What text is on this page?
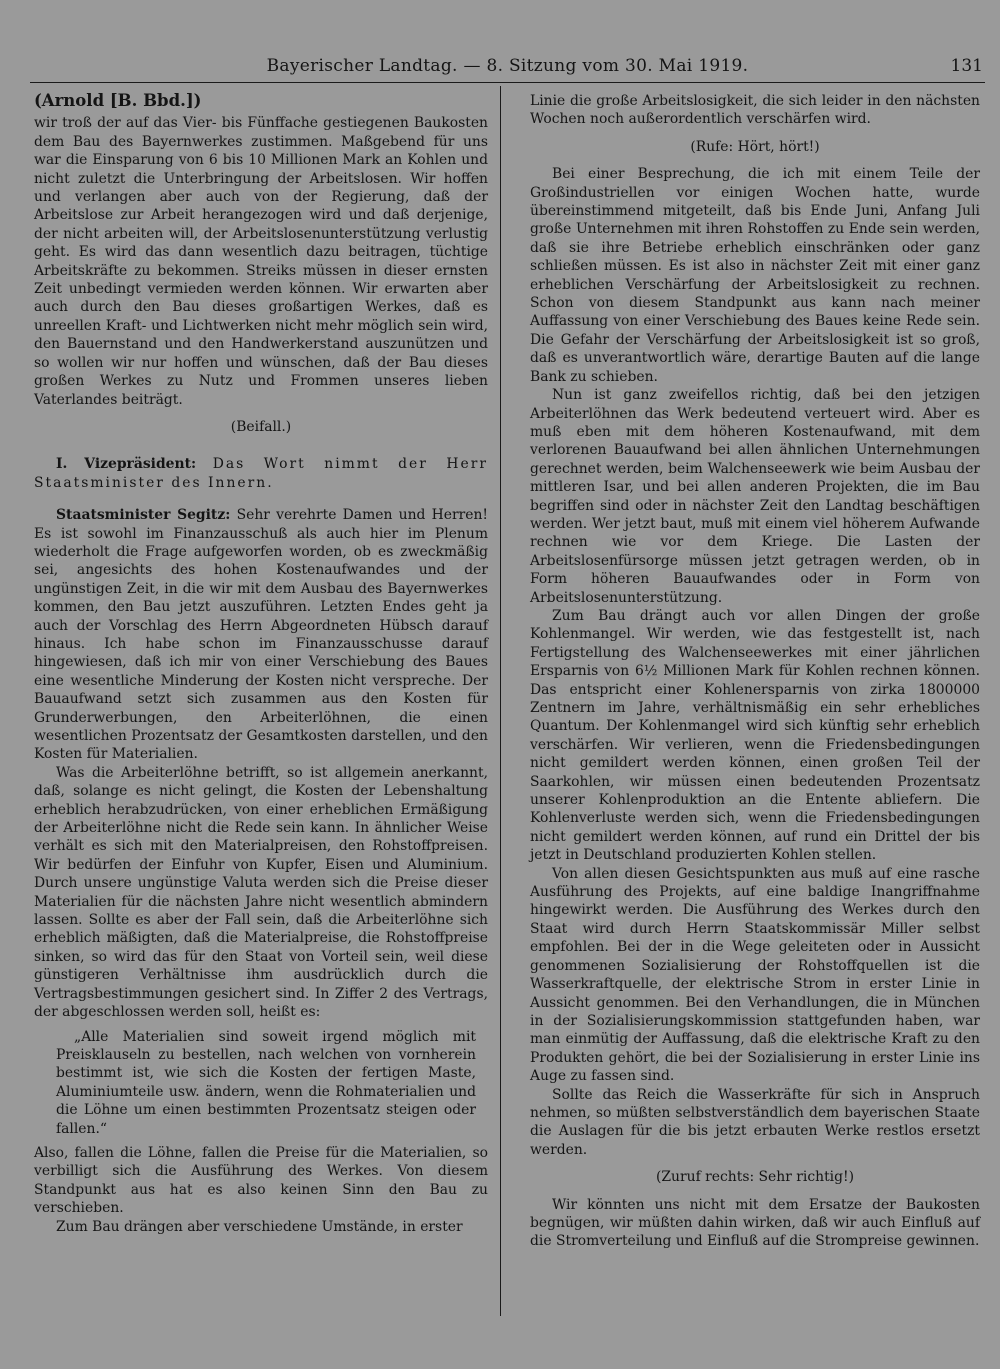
Bayerischer Landtag. — 8. Sitzung vom 30. Mai 1919.	131

(Arnold [B. Bbd.])

wir troß der auf das Vier- bis Fünffache gestiegenen Baukosten dem Bau des Bayernwerkes zustimmen. Maßgebend für uns war die Einsparung von 6 bis 10 Millionen Mark an Kohlen und nicht zuletzt die Unterbringung der Arbeitslosen. Wir hoffen und verlangen aber auch von der Regierung, daß der Arbeitslose zur Arbeit herangezogen wird und daß derjenige, der nicht arbeiten will, der Arbeitslosenunterstützung verlustig geht. Es wird das dann wesentlich dazu beitragen, tüchtige Arbeitskräfte zu bekommen. Streiks müssen in dieser ernsten Zeit unbedingt vermieden werden können. Wir erwarten aber auch durch den Bau dieses großartigen Werkes, daß es unreellen Kraft- und Lichtwerken nicht mehr möglich sein wird, den Bauernstand und den Handwerkerstand auszunützen und so wollen wir nur hoffen und wünschen, daß der Bau dieses großen Werkes zu Nutz und Frommen unseres lieben Vaterlandes beiträgt.

(Beifall.)

I. Vizepräsident: Das Wort nimmt der Herr Staatsminister des Innern.

Staatsminister Segitz: Sehr verehrte Damen und Herren! Es ist sowohl im Finanzausschuß als auch hier im Plenum wiederholt die Frage aufgeworfen worden, ob es zweckmäßig sei, angesichts des hohen Kostenaufwandes und der ungünstigen Zeit, in die wir mit dem Ausbau des Bayernwerkes kommen, den Bau jetzt auszuführen. Letzten Endes geht ja auch der Vorschlag des Herrn Abgeordneten Hübsch darauf hinaus. Ich habe schon im Finanzausschusse darauf hingewiesen, daß ich mir von einer Verschiebung des Baues eine wesentliche Minderung der Kosten nicht verspreche. Der Bauaufwand setzt sich zusammen aus den Kosten für Grunderwerbungen, den Arbeiterlöhnen, die einen wesentlichen Prozentsatz der Gesamtkosten darstellen, und den Kosten für Materialien.

Was die Arbeiterlöhne betrifft, so ist allgemein anerkannt, daß, solange es nicht gelingt, die Kosten der Lebenshaltung erheblich herabzudrücken, von einer erheblichen Ermäßigung der Arbeiterlöhne nicht die Rede sein kann. In ähnlicher Weise verhält es sich mit den Materialpreisen, den Rohstoffpreisen. Wir bedürfen der Einfuhr von Kupfer, Eisen und Aluminium. Durch unsere ungünstige Valuta werden sich die Preise dieser Materialien für die nächsten Jahre nicht wesentlich abmindern lassen. Sollte es aber der Fall sein, daß die Arbeiterlöhne sich erheblich mäßigten, daß die Materialpreise, die Rohstoffpreise sinken, so wird das für den Staat von Vorteil sein, weil diese günstigeren Verhältnisse ihm ausdrücklich durch die Vertragsbestimmungen gesichert sind. In Ziffer 2 des Vertrags, der abgeschlossen werden soll, heißt es:

„Alle Materialien sind soweit irgend möglich mit Preisklauseln zu bestellen, nach welchen von vornherein bestimmt ist, wie sich die Kosten der fertigen Maste, Aluminiumteile usw. ändern, wenn die Rohmaterialien und die Löhne um einen bestimmten Prozentsatz steigen oder fallen.“

Also, fallen die Löhne, fallen die Preise für die Materialien, so verbilligt sich die Ausführung des Werkes. Von diesem Standpunkt aus hat es also keinen Sinn den Bau zu verschieben.

Zum Bau drängen aber verschiedene Umstände, in erster

Linie die große Arbeitslosigkeit, die sich leider in den nächsten Wochen noch außerordentlich verschärfen wird.

(Rufe: Hört, hört!)

Bei einer Besprechung, die ich mit einem Teile der Großindustriellen vor einigen Wochen hatte, wurde übereinstimmend mitgeteilt, daß bis Ende Juni, Anfang Juli große Unternehmen mit ihren Rohstoffen zu Ende sein werden, daß sie ihre Betriebe erheblich einschränken oder ganz schließen müssen. Es ist also in nächster Zeit mit einer ganz erheblichen Verschärfung der Arbeitslosigkeit zu rechnen. Schon von diesem Standpunkt aus kann nach meiner Auffassung von einer Verschiebung des Baues keine Rede sein. Die Gefahr der Verschärfung der Arbeitslosigkeit ist so groß, daß es unverantwortlich wäre, derartige Bauten auf die lange Bank zu schieben.

Nun ist ganz zweifellos richtig, daß bei den jetzigen Arbeiterlöhnen das Werk bedeutend verteuert wird. Aber es muß eben mit dem höheren Kostenaufwand, mit dem verlorenen Bauaufwand bei allen ähnlichen Unternehmungen gerechnet werden, beim Walchenseewerk wie beim Ausbau der mittleren Isar, und bei allen anderen Projekten, die im Bau begriffen sind oder in nächster Zeit den Landtag beschäftigen werden. Wer jetzt baut, muß mit einem viel höherem Aufwande rechnen wie vor dem Kriege. Die Lasten der Arbeitslosenfürsorge müssen jetzt getragen werden, ob in Form höheren Bauaufwandes oder in Form von Arbeitslosenunterstützung.

Zum Bau drängt auch vor allen Dingen der große Kohlenmangel. Wir werden, wie das festgestellt ist, nach Fertigstellung des Walchenseewerkes mit einer jährlichen Ersparnis von 6½ Millionen Mark für Kohlen rechnen können. Das entspricht einer Kohlenersparnis von zirka 1800000 Zentnern im Jahre, verhältnismäßig ein sehr erhebliches Quantum. Der Kohlenmangel wird sich künftig sehr erheblich verschärfen. Wir verlieren, wenn die Friedensbedingungen nicht gemildert werden können, einen großen Teil der Saarkohlen, wir müssen einen bedeutenden Prozentsatz unserer Kohlenproduktion an die Entente abliefern. Die Kohlenverluste werden sich, wenn die Friedensbedingungen nicht gemildert werden können, auf rund ein Drittel der bis jetzt in Deutschland produzierten Kohlen stellen.

Von allen diesen Gesichtspunkten aus muß auf eine rasche Ausführung des Projekts, auf eine baldige Inangriffnahme hingewirkt werden. Die Ausführung des Werkes durch den Staat wird durch Herrn Staatskommissär Miller selbst empfohlen. Bei der in die Wege geleiteten oder in Aussicht genommenen Sozialisierung der Rohstoffquellen ist die Wasserkraftquelle, der elektrische Strom in erster Linie in Aussicht genommen. Bei den Verhandlungen, die in München in der Sozialisierungskommission stattgefunden haben, war man einmütig der Auffassung, daß die elektrische Kraft zu den Produkten gehört, die bei der Sozialisierung in erster Linie ins Auge zu fassen sind.

Sollte das Reich die Wasserkräfte für sich in Anspruch nehmen, so müßten selbstverständlich dem bayerischen Staate die Auslagen für die bis jetzt erbauten Werke restlos ersetzt werden.

(Zuruf rechts: Sehr richtig!)

Wir könnten uns nicht mit dem Ersatze der Baukosten begnügen, wir müßten dahin wirken, daß wir auch Einfluß auf die Stromverteilung und Einfluß auf die Strompreise gewinnen.
